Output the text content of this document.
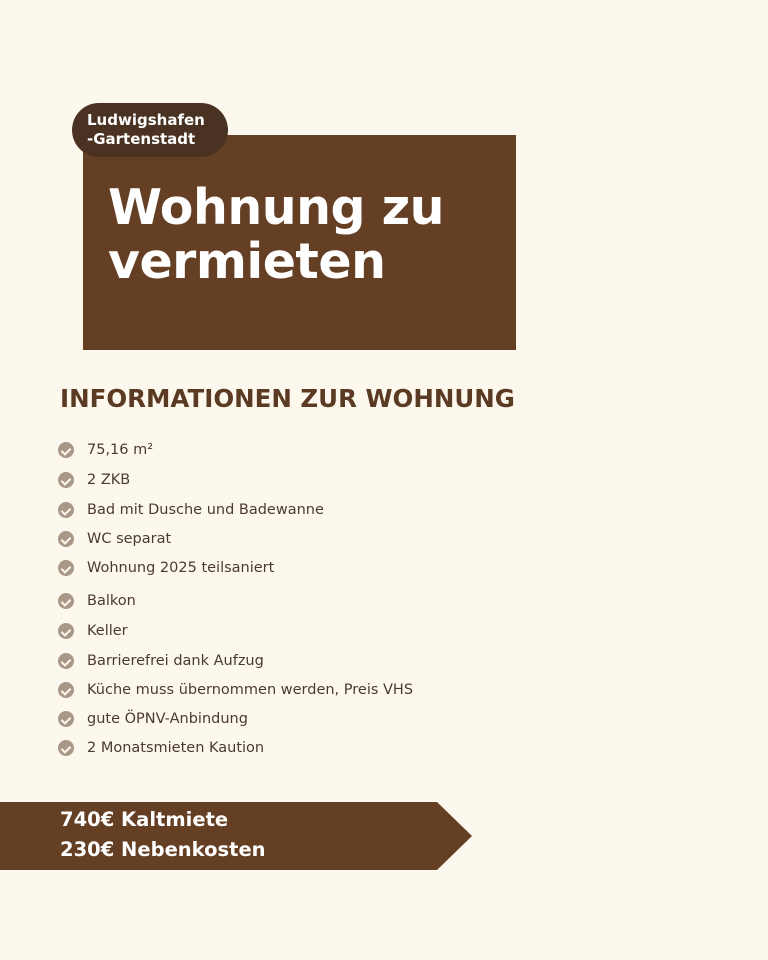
Wohnung zu
vermieten
Ludwigshafen
-Gartenstadt
INFORMATIONEN ZUR WOHNUNG
75,16 m²
2 ZKB
Bad mit Dusche und Badewanne
WC separat
Wohnung 2025 teilsaniert
Balkon
Keller
Barrierefrei dank Aufzug
Küche muss übernommen werden, Preis VHS
gute ÖPNV-Anbindung
2 Monatsmieten Kaution
740€ Kaltmiete
230€ Nebenkosten
